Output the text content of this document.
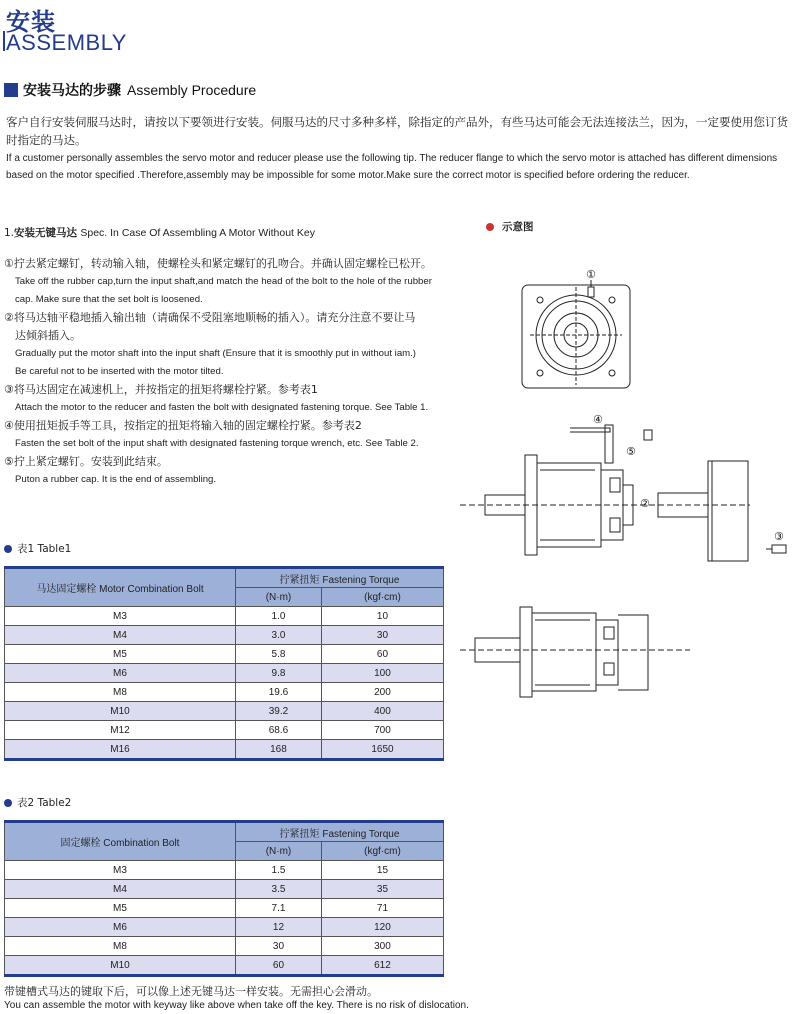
安装
ASSEMBLY
安装马达的步骤 Assembly Procedure
客户自行安装伺服马达时，请按以下要领进行安装。伺服马达的尺寸多种多样，除指定的产品外，有些马达可能会无法连接法兰，因为，一定要使用您订货时指定的马达。
If a customer personally assembles the servo motor and reducer please use the following tip. The reducer flange to which the servo motor is attached has different dimensions based on the motor specified .Therefore,assembly may be impossible for some motor.Make sure the correct motor is specified before ordering the reducer.
1.安装无键马达 Spec. In Case Of Assembling A Motor Without Key
①拧去紧定螺钉，转动输入轴，使螺栓头和紧定螺钉的孔吻合。并确认固定螺栓已松开。
Take off the rubber cap,turn the input shaft,and match the head of the bolt to the hole of the rubber
cap. Make sure that the set bolt is loosened.
②将马达轴平稳地插入输出轴（请确保不受阻塞地顺畅的插入）。请充分注意不要让马
达倾斜插入。
Gradually put the motor shaft into the input shaft (Ensure that it is smoothly put in without iam.)
Be careful not to be inserted with the motor tilted.
③将马达固定在减速机上，并按指定的扭矩将螺栓拧紧。参考表1
Attach the motor to the reducer and fasten the bolt with designated fastening torque. See Table 1.
④使用扭矩扳手等工具，按指定的扭矩将输入轴的固定螺栓拧紧。参考表2
Fasten the set bolt of the input shaft with designated fastening torque wrench, etc. See Table 2.
⑤拧上紧定螺钉。安装到此结束。
Puton a rubber cap. It is the end of assembling.
示意图
①
②
③
④
⑤
表1 Table1
马达固定螺栓 Motor Combination Bolt	拧紧扭矩 Fastening Torque	
	(N·m)	(kgf·cm)
M3	1.0	10
M4	3.0	30
M5	5.8	60
M6	9.8	100
M8	19.6	200
M10	39.2	400
M12	68.6	700
M16	168	1650
表2 Table2
固定螺栓 Combination Bolt	拧紧扭矩 Fastening Torque	
	(N·m)	(kgf·cm)
M3	1.5	15
M4	3.5	35
M5	7.1	71
M6	12	120
M8	30	300
M10	60	612
带键槽式马达的键取下后，可以像上述无键马达一样安装。无需担心会滑动。
You can assemble the motor with keyway like above when take off the key. There is no risk of dislocation.
